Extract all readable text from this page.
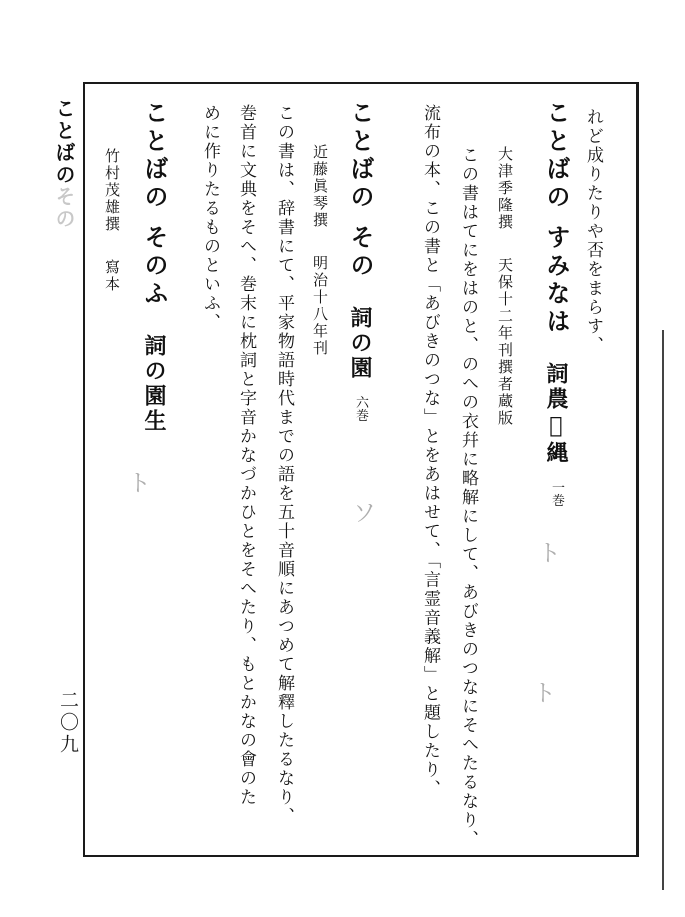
ことばのその
二〇九
れど成りたりや否をまらす、
ことばの すみなは詞農𢊤縄一巻
大津季隆撰天保十二年刊撰者蔵版
この書はてにをはのと、のへの衣幷に略解にして、あびきのつなにそへたるなり、
流布の本、この書と「あびきのつな」とをあはせて、「言霊音義解」と題したり、
ことばの その詞の園六巻
近藤眞琴撰明治十八年刊
この書は、辞書にて、平家物語時代までの語を五十音順にあつめて解釋したるなり、
巻首に文典をそへ、巻末に枕詞と字音かなづかひとをそへたり、もとかなの會のた
めに作りたるものといふ、
ことばの そのふ詞の園生
竹村茂雄撰寫本
ト
ソ
ト
ト
